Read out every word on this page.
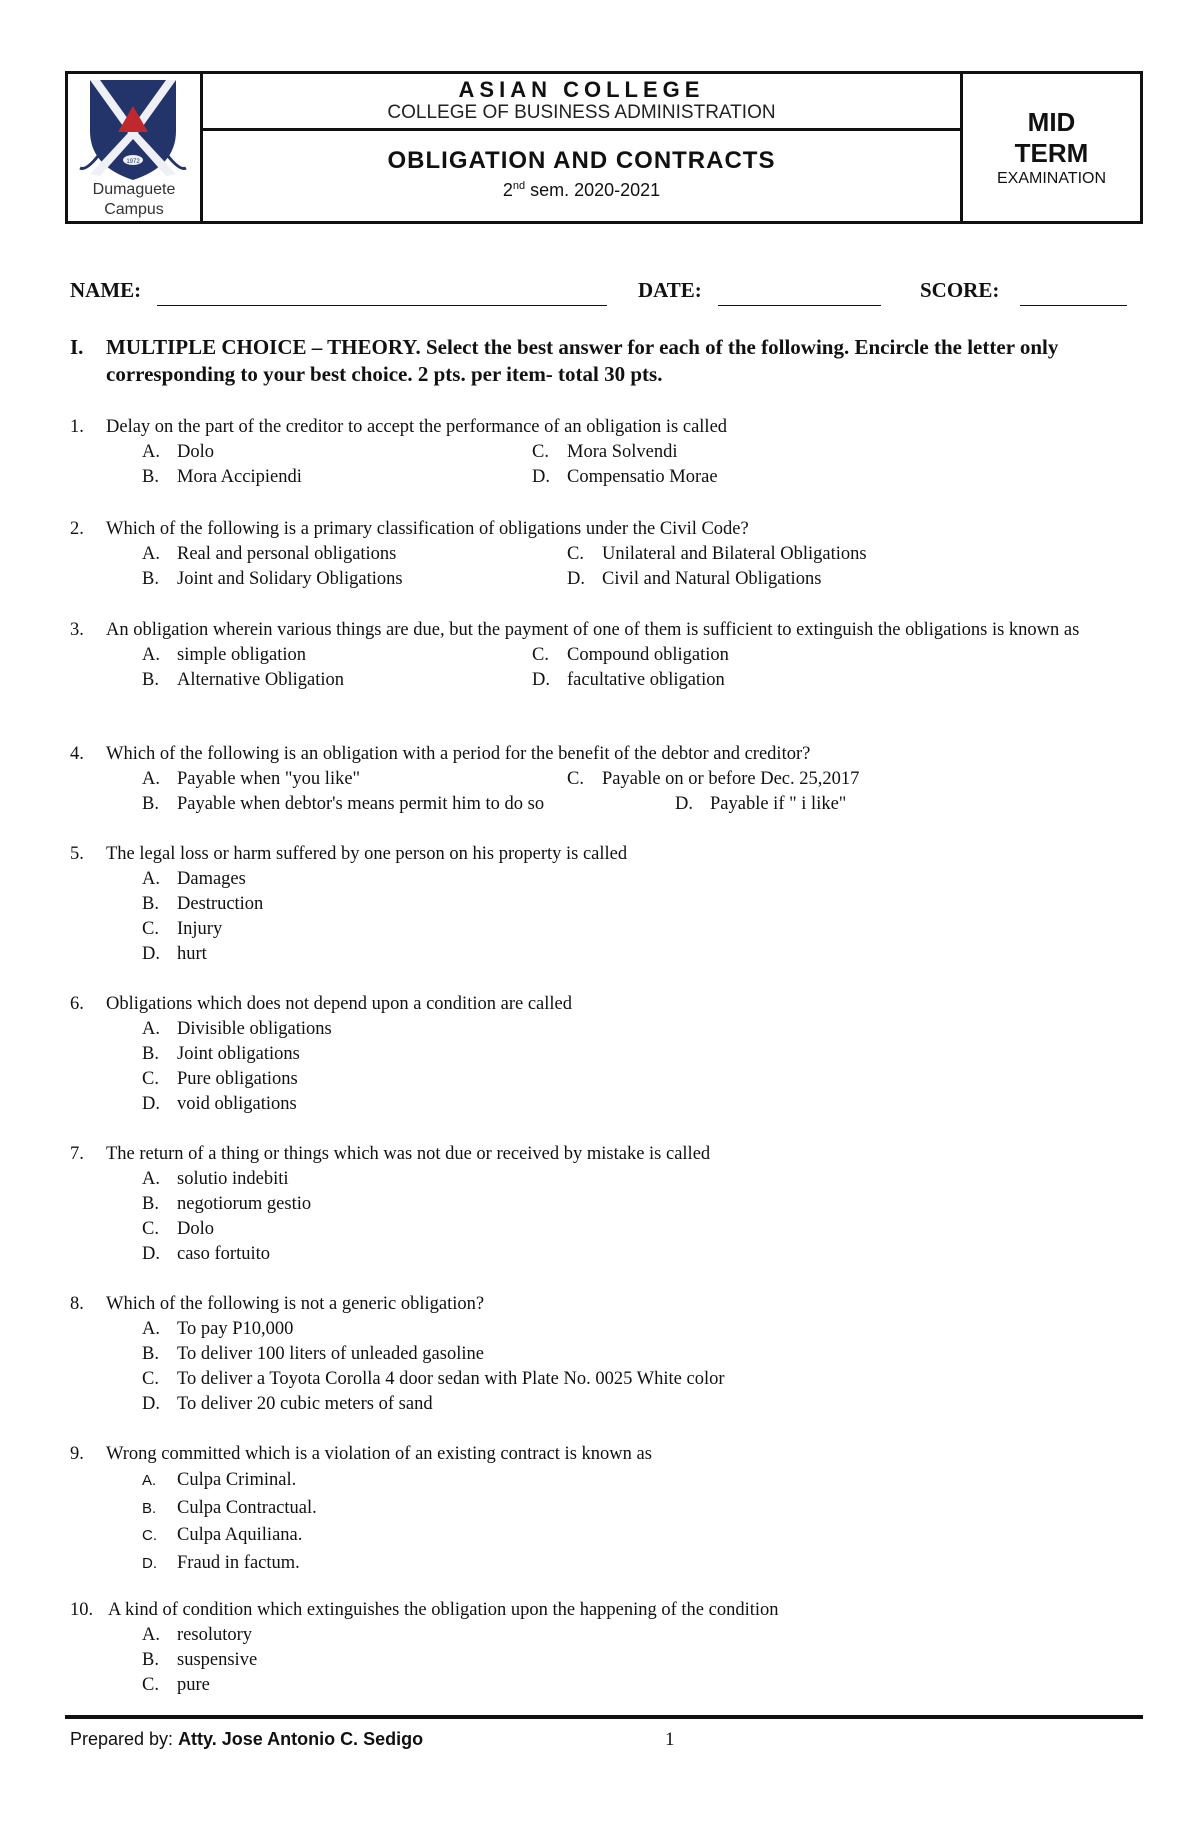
1972
Dumaguete
Campus
ASIAN COLLEGE
COLLEGE OF BUSINESS ADMINISTRATION
OBLIGATION AND CONTRACTS
2nd sem. 2020-2021
MID
TERM
EXAMINATION
NAME:	DATE:	SCORE:
I. MULTIPLE CHOICE – THEORY. Select the best answer for each of the following. Encircle the letter only corresponding to your best choice. 2 pts. per item- total 30 pts.
1. Delay on the part of the creditor to accept the performance of an obligation is called
A. Dolo	C. Mora Solvendi
B. Mora Accipiendi	D. Compensatio Morae
2. Which of the following is a primary classification of obligations under the Civil Code?
A. Real and personal obligations	C. Unilateral and Bilateral Obligations
B. Joint and Solidary Obligations	D. Civil and Natural Obligations
3. An obligation wherein various things are due, but the payment of one of them is sufficient to extinguish the obligations is known as
A. simple obligation	C. Compound obligation
B. Alternative Obligation	D. facultative obligation
4. Which of the following is an obligation with a period for the benefit of the debtor and creditor?
A. Payable when "you like"	C. Payable on or before Dec. 25,2017
B. Payable when debtor's means permit him to do so	D. Payable if " i like"
5. The legal loss or harm suffered by one person on his property is called
A. Damages
B. Destruction
C. Injury
D. hurt
6. Obligations which does not depend upon a condition are called
A. Divisible obligations
B. Joint obligations
C. Pure obligations
D. void obligations
7. The return of a thing or things which was not due or received by mistake is called
A. solutio indebiti
B. negotiorum gestio
C. Dolo
D. caso fortuito
8. Which of the following is not a generic obligation?
A. To pay P10,000
B. To deliver 100 liters of unleaded gasoline
C. To deliver a Toyota Corolla 4 door sedan with Plate No. 0025 White color
D. To deliver 20 cubic meters of sand
9. Wrong committed which is a violation of an existing contract is known as
A. Culpa Criminal.
B. Culpa Contractual.
C. Culpa Aquiliana.
D. Fraud in factum.
10. A kind of condition which extinguishes the obligation upon the happening of the condition
A. resolutory
B. suspensive
C. pure
Prepared by: Atty. Jose Antonio C. Sedigo	1
